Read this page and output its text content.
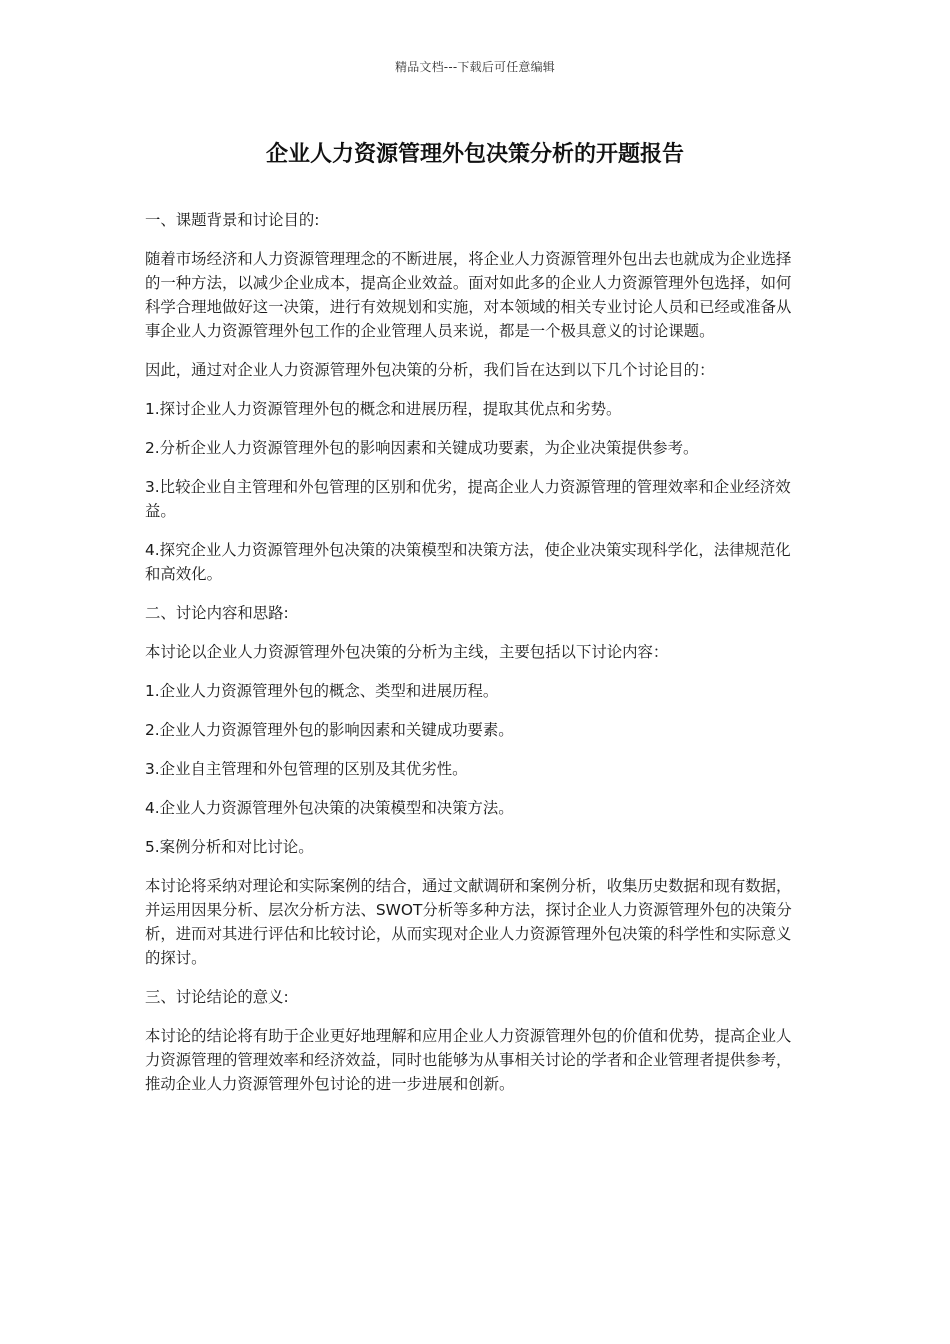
精品文档---下载后可任意编辑
企业人力资源管理外包决策分析的开题报告

一、课题背景和讨论目的:

随着市场经济和人力资源管理理念的不断进展，将企业人力资源管理外包出去也就成为企业选择的一种方法，以减少企业成本，提高企业效益。面对如此多的企业人力资源管理外包选择，如何科学合理地做好这一决策，进行有效规划和实施，对本领域的相关专业讨论人员和已经或准备从事企业人力资源管理外包工作的企业管理人员来说，都是一个极具意义的讨论课题。

因此，通过对企业人力资源管理外包决策的分析，我们旨在达到以下几个讨论目的：

1.探讨企业人力资源管理外包的概念和进展历程，提取其优点和劣势。

2.分析企业人力资源管理外包的影响因素和关键成功要素，为企业决策提供参考。

3.比较企业自主管理和外包管理的区别和优劣，提高企业人力资源管理的管理效率和企业经济效益。

4.探究企业人力资源管理外包决策的决策模型和决策方法，使企业决策实现科学化，法律规范化和高效化。

二、讨论内容和思路:

本讨论以企业人力资源管理外包决策的分析为主线，主要包括以下讨论内容：

1.企业人力资源管理外包的概念、类型和进展历程。

2.企业人力资源管理外包的影响因素和关键成功要素。

3.企业自主管理和外包管理的区别及其优劣性。

4.企业人力资源管理外包决策的决策模型和决策方法。

5.案例分析和对比讨论。

本讨论将采纳对理论和实际案例的结合，通过文献调研和案例分析，收集历史数据和现有数据，并运用因果分析、层次分析方法、SWOT分析等多种方法，探讨企业人力资源管理外包的决策分析，进而对其进行评估和比较讨论，从而实现对企业人力资源管理外包决策的科学性和实际意义的探讨。

三、讨论结论的意义:

本讨论的结论将有助于企业更好地理解和应用企业人力资源管理外包的价值和优势，提高企业人力资源管理的管理效率和经济效益，同时也能够为从事相关讨论的学者和企业管理者提供参考，推动企业人力资源管理外包讨论的进一步进展和创新。
